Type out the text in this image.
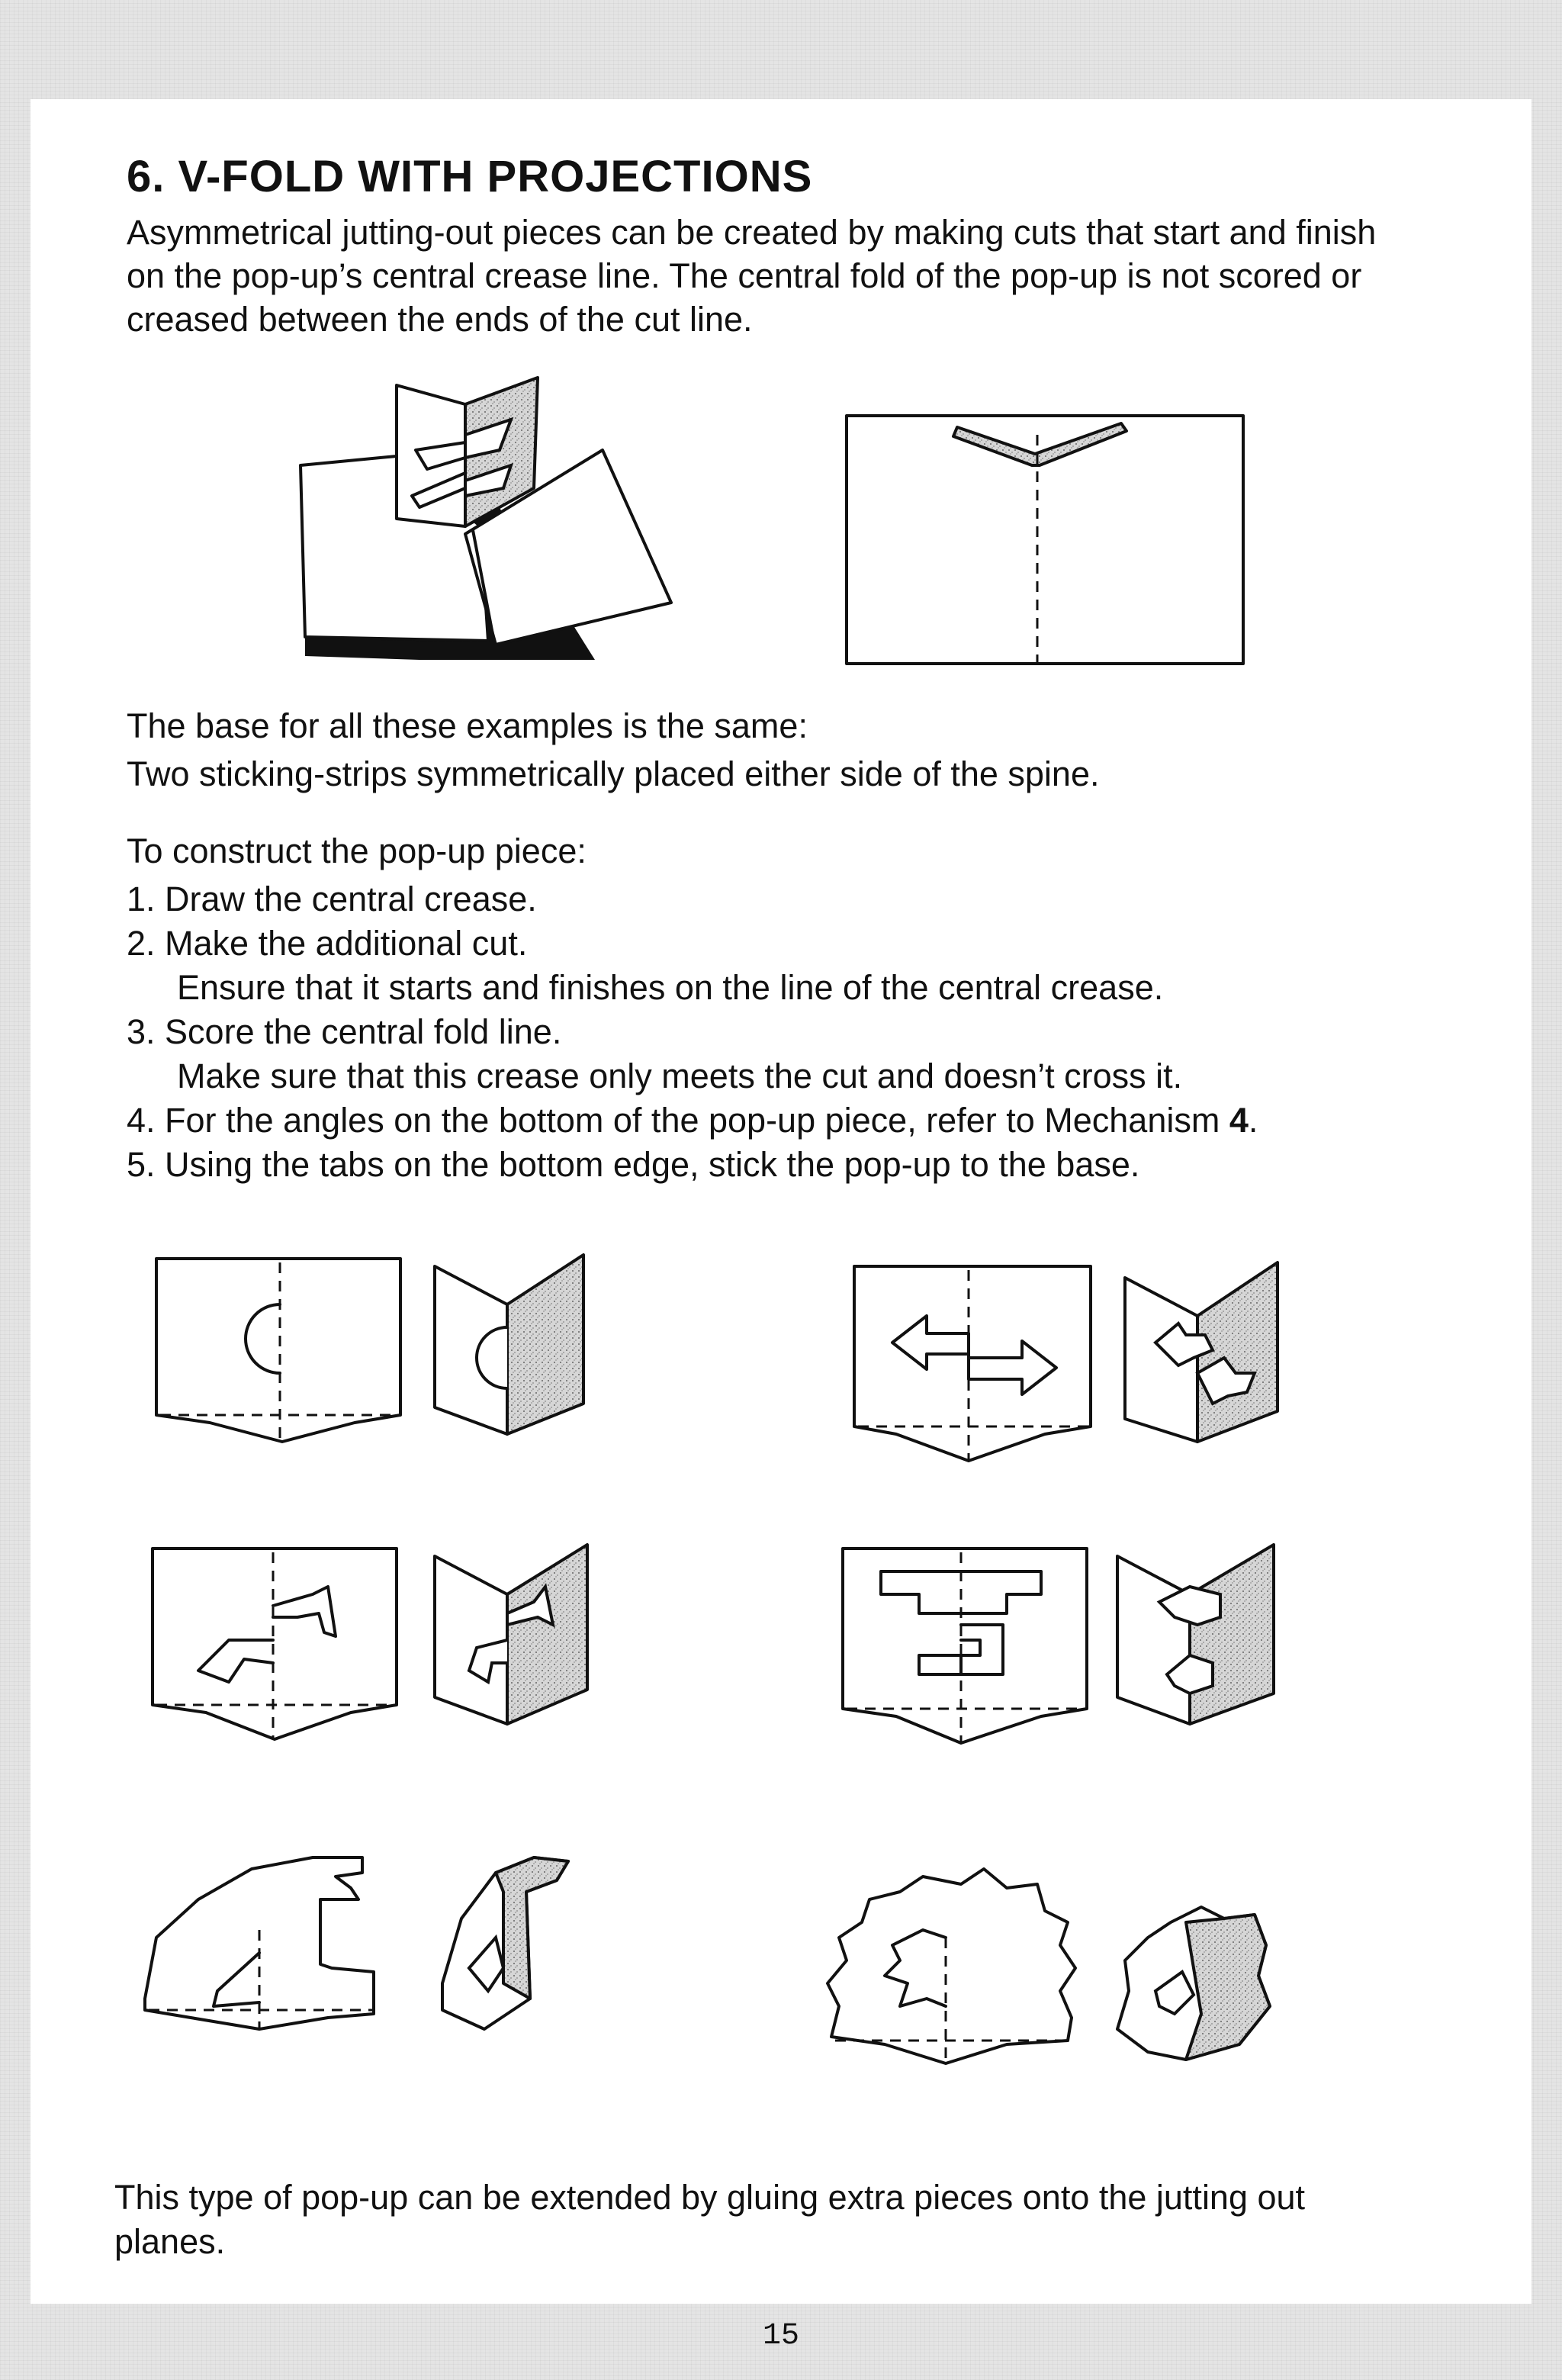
6. V-FOLD WITH PROJECTIONS

Asymmetrical jutting-out pieces can be created by making cuts that start and finish on the pop-up’s central crease line. The central fold of the pop-up is not scored or creased between the ends of the cut line.

The base for all these examples is the same:
Two sticking-strips symmetrically placed either side of the spine.

To construct the pop-up piece:

1. Draw the central crease.
2. Make the additional cut.
Ensure that it starts and finishes on the line of the central crease.
3. Score the central fold line.
Make sure that this crease only meets the cut and doesn’t cross it.
4. For the angles on the bottom of the pop-up piece, refer to Mechanism 4.
5. Using the tabs on the bottom edge, stick the pop-up to the base.

This type of pop-up can be extended by gluing extra pieces onto the jutting out planes.

15
